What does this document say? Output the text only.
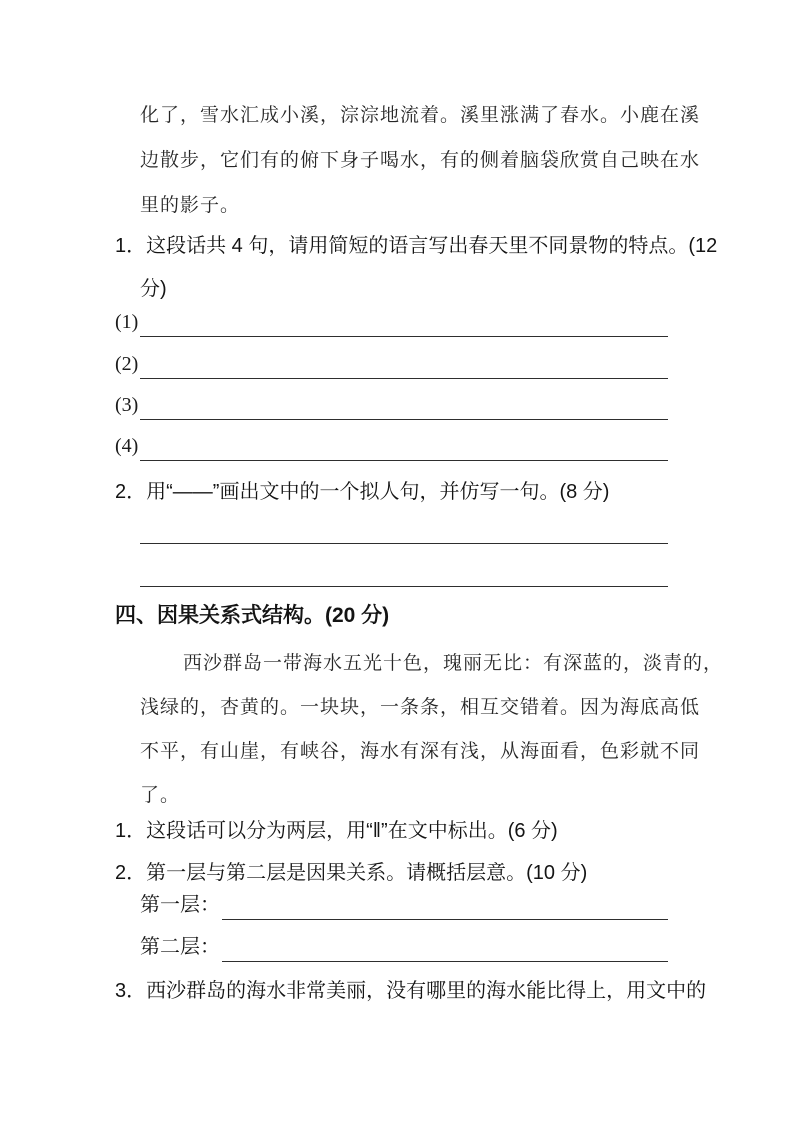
化了，雪水汇成小溪，淙淙地流着。溪里涨满了春水。小鹿在溪
边散步，它们有的俯下身子喝水，有的侧着脑袋欣赏自己映在水
里的影子。
1．这段话共 4 句，请用简短的语言写出春天里不同景物的特点。(12
分)
(1)
(2)
(3)
(4)
2．用“——”画出文中的一个拟人句，并仿写一句。(8 分)
四、因果关系式结构。(20 分)
西沙群岛一带海水五光十色，瑰丽无比：有深蓝的，淡青的，
浅绿的，杏黄的。一块块，一条条，相互交错着。因为海底高低
不平，有山崖，有峡谷，海水有深有浅，从海面看，色彩就不同
了。
1．这段话可以分为两层，用“‖”在文中标出。(6 分)
2．第一层与第二层是因果关系。请概括层意。(10 分)
第一层：
第二层：
3．西沙群岛的海水非常美丽，没有哪里的海水能比得上，用文中的
